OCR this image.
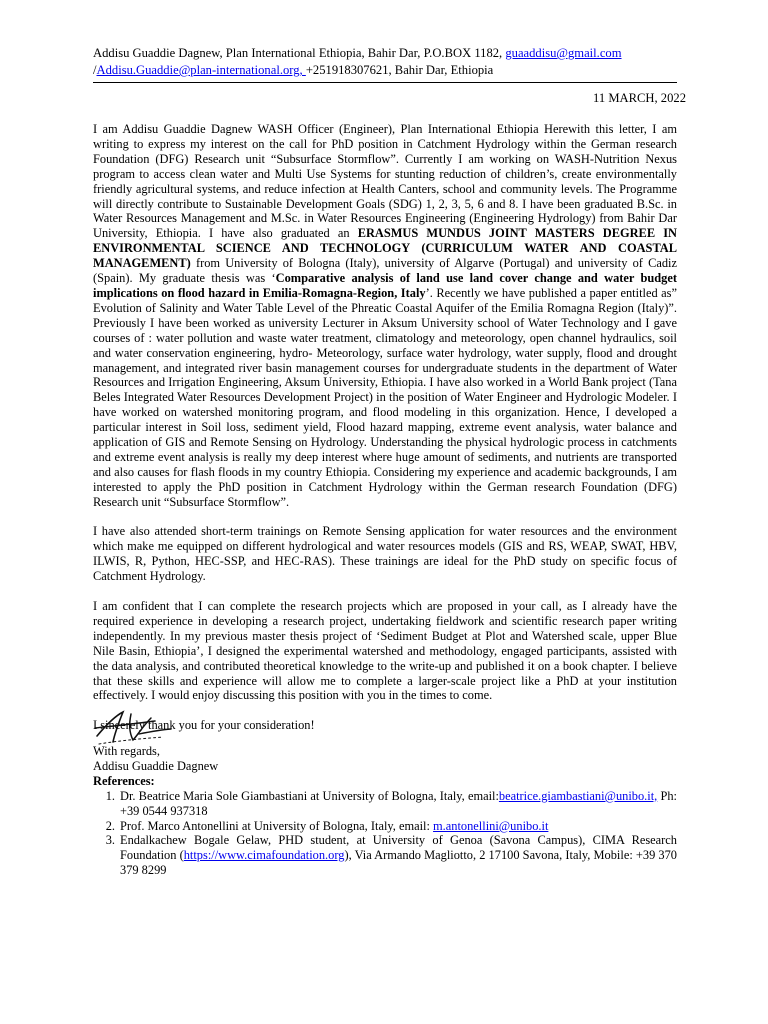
Addisu Guaddie Dagnew, Plan International Ethiopia, Bahir Dar, P.O.BOX 1182, guaaddisu@gmail.com
/Addisu.Guaddie@plan-international.org, +251918307621, Bahir Dar, Ethiopia
11 MARCH, 2022

I am Addisu Guaddie Dagnew WASH Officer (Engineer), Plan International Ethiopia Herewith this letter, I am writing to express my interest on the call for PhD position in Catchment Hydrology within the German research Foundation (DFG) Research unit “Subsurface Stormflow”. Currently I am working on WASH-Nutrition Nexus program to access clean water and Multi Use Systems for stunting reduction of children’s, create environmentally friendly agricultural systems, and reduce infection at Health Canters, school and community levels. The Programme will directly contribute to Sustainable Development Goals (SDG) 1, 2, 3, 5, 6 and 8. I have been graduated B.Sc. in Water Resources Management and M.Sc. in Water Resources Engineering (Engineering Hydrology) from Bahir Dar University, Ethiopia. I have also graduated an ERASMUS MUNDUS JOINT MASTERS DEGREE IN ENVIRONMENTAL SCIENCE AND TECHNOLOGY (CURRICULUM WATER AND COASTAL MANAGEMENT) from University of Bologna (Italy), university of Algarve (Portugal) and university of Cadiz (Spain). My graduate thesis was ‘Comparative analysis of land use land cover change and water budget implications on flood hazard in Emilia-Romagna-Region, Italy’. Recently we have published a paper entitled as” Evolution of Salinity and Water Table Level of the Phreatic Coastal Aquifer of the Emilia Romagna Region (Italy)”. Previously I have been worked as university Lecturer in Aksum University school of Water Technology and I gave courses of : water pollution and waste water treatment, climatology and meteorology, open channel hydraulics, soil and water conservation engineering, hydro- Meteorology, surface water hydrology, water supply, flood and drought management, and integrated river basin management courses for undergraduate students in the department of Water Resources and Irrigation Engineering, Aksum University, Ethiopia. I have also worked in a World Bank project (Tana Beles Integrated Water Resources Development Project) in the position of Water Engineer and Hydrologic Modeler. I have worked on watershed monitoring program, and flood modeling in this organization. Hence, I developed a particular interest in Soil loss, sediment yield, Flood hazard mapping, extreme event analysis, water balance and application of GIS and Remote Sensing on Hydrology. Understanding the physical hydrologic process in catchments and extreme event analysis is really my deep interest where huge amount of sediments, and nutrients are transported and also causes for flash floods in my country Ethiopia. Considering my experience and academic backgrounds, I am interested to apply the PhD position in Catchment Hydrology within the German research Foundation (DFG) Research unit “Subsurface Stormflow”.

I have also attended short-term trainings on Remote Sensing application for water resources and the environment which make me equipped on different hydrological and water resources models (GIS and RS, WEAP, SWAT, HBV, ILWIS, R, Python, HEC-SSP, and HEC-RAS). These trainings are ideal for the PhD study on specific focus of Catchment Hydrology.

I am confident that I can complete the research projects which are proposed in your call, as I already have the required experience in developing a research project, undertaking fieldwork and scientific research paper writing independently. In my previous master thesis project of ‘Sediment Budget at Plot and Watershed scale, upper Blue Nile Basin, Ethiopia’, I designed the experimental watershed and methodology, engaged participants, assisted with the data analysis, and contributed theoretical knowledge to the write-up and published it on a book chapter. I believe that these skills and experience will allow me to complete a larger-scale project like a PhD at your institution effectively. I would enjoy discussing this position with you in the times to come.

I sincerely thank you for your consideration!

With regards,
Addisu Guaddie Dagnew
References:
1. Dr. Beatrice Maria Sole Giambastiani at University of Bologna, Italy, email:beatrice.giambastiani@unibo.it, Ph: +39 0544 937318
2. Prof. Marco Antonellini at University of Bologna, Italy, email: m.antonellini@unibo.it
3. Endalkachew Bogale Gelaw, PHD student, at University of Genoa (Savona Campus), CIMA Research Foundation (https://www.cimafoundation.org), Via Armando Magliotto, 2 17100 Savona, Italy, Mobile: +39 370 379 8299
